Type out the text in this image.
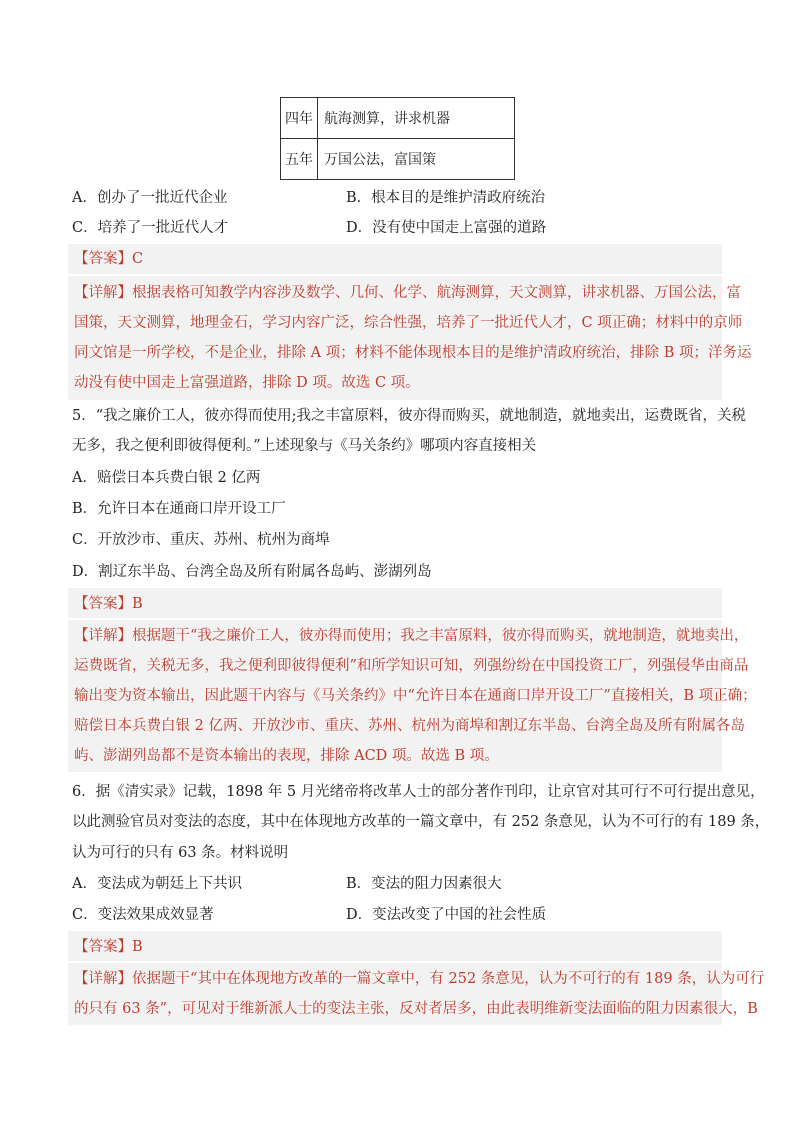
四年	航海测算，讲求机器
五年	万国公法，富国策
A．创办了一批近代企业	B．根本目的是维护清政府统治
C．培养了一批近代人才	D．没有使中国走上富强的道路
【答案】C
【详解】根据表格可知教学内容涉及数学、几何、化学、航海测算，天文测算，讲求机器、万国公法，富
国策，天文测算，地理金石，学习内容广泛，综合性强，培养了一批近代人才，C 项正确；材料中的京师
同文馆是一所学校，不是企业，排除 A 项；材料不能体现根本目的是维护清政府统治，排除 B 项；洋务运
动没有使中国走上富强道路，排除 D 项。故选 C 项。
5．“我之廉价工人，彼亦得而使用;我之丰富原料，彼亦得而购买，就地制造，就地卖出，运费既省，关税
无多，我之便利即彼得便利。”上述现象与《马关条约》哪项内容直接相关
A．赔偿日本兵费白银 2 亿两
B．允许日本在通商口岸开设工厂
C．开放沙市、重庆、苏州、杭州为商埠
D．割辽东半岛、台湾全岛及所有附属各岛屿、澎湖列岛
【答案】B
【详解】根据题干“我之廉价工人，彼亦得而使用；我之丰富原料，彼亦得而购买，就地制造，就地卖出，
运费既省，关税无多，我之便利即彼得便利”和所学知识可知，列强纷纷在中国投资工厂，列强侵华由商品
输出变为资本输出，因此题干内容与《马关条约》中“允许日本在通商口岸开设工厂”直接相关，B 项正确；
赔偿日本兵费白银 2 亿两、开放沙市、重庆、苏州、杭州为商埠和割辽东半岛、台湾全岛及所有附属各岛
屿、澎湖列岛都不是资本输出的表现，排除 ACD 项。故选 B 项。
6．据《清实录》记载，1898 年 5 月光绪帝将改革人士的部分著作刊印，让京官对其可行不可行提出意见，
以此测验官员对变法的态度，其中在体现地方改革的一篇文章中，有 252 条意见，认为不可行的有 189 条，
认为可行的只有 63 条。材料说明
A．变法成为朝廷上下共识	B．变法的阻力因素很大
C．变法效果成效显著	D．变法改变了中国的社会性质
【答案】B
【详解】依据题干“其中在体现地方改革的一篇文章中，有 252 条意见，认为不可行的有 189 条，认为可行
的只有 63 条”，可见对于维新派人士的变法主张，反对者居多，由此表明维新变法面临的阻力因素很大，B
